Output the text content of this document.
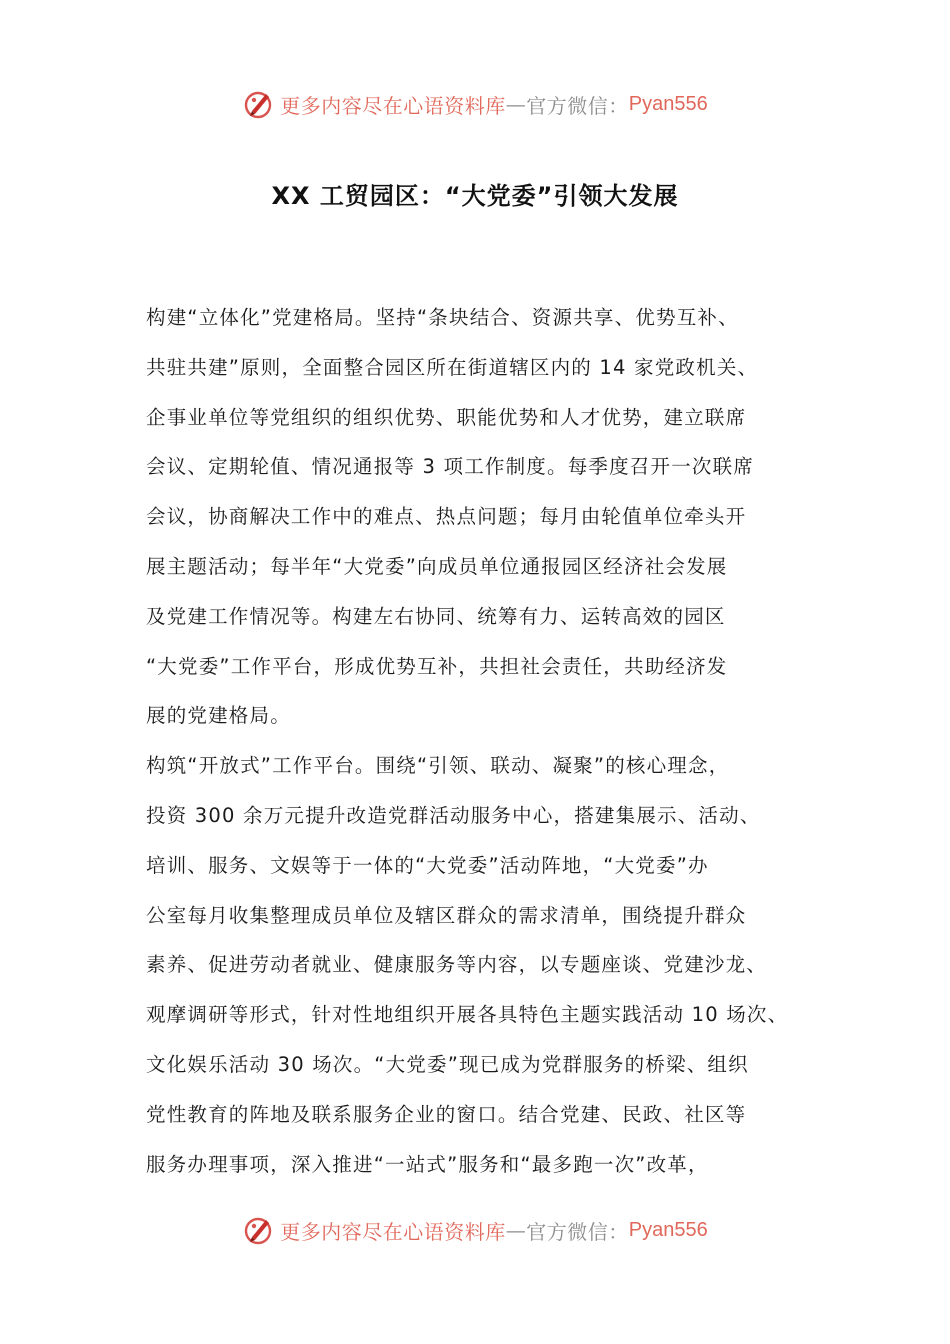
更多内容尽在心语资料库 — 官方微信： Pyan556
XX 工贸园区：“大党委”引领大发展
构建“立体化”党建格局。坚持“条块结合、资源共享、优势互补、
共驻共建”原则，全面整合园区所在街道辖区内的 14 家党政机关、
企事业单位等党组织的组织优势、职能优势和人才优势，建立联席
会议、定期轮值、情况通报等 3 项工作制度。每季度召开一次联席
会议，协商解决工作中的难点、热点问题；每月由轮值单位牵头开
展主题活动；每半年“大党委”向成员单位通报园区经济社会发展
及党建工作情况等。构建左右协同、统筹有力、运转高效的园区
“大党委”工作平台，形成优势互补，共担社会责任，共助经济发
展的党建格局。
构筑“开放式”工作平台。围绕“引领、联动、凝聚”的核心理念，
投资 300 余万元提升改造党群活动服务中心，搭建集展示、活动、
培训、服务、文娱等于一体的“大党委”活动阵地，“大党委”办
公室每月收集整理成员单位及辖区群众的需求清单，围绕提升群众
素养、促进劳动者就业、健康服务等内容，以专题座谈、党建沙龙、
观摩调研等形式，针对性地组织开展各具特色主题实践活动 10 场次、
文化娱乐活动 30 场次。“大党委”现已成为党群服务的桥梁、组织
党性教育的阵地及联系服务企业的窗口。结合党建、民政、社区等
服务办理事项，深入推进“一站式”服务和“最多跑一次”改革，
更多内容尽在心语资料库 — 官方微信： Pyan556
